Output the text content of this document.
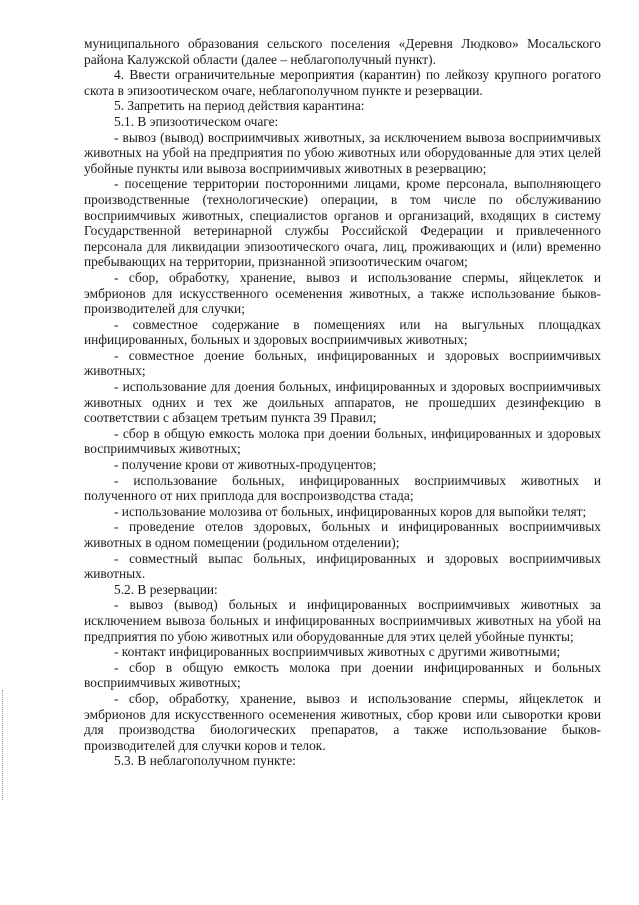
муниципального образования сельского поселения «Деревня Людково» Мосальского района Калужской области (далее – неблагополучный пункт).

4. Ввести ограничительные мероприятия (карантин) по лейкозу крупного рогатого скота в эпизоотическом очаге, неблагополучном пункте и резервации.

5. Запретить на период действия карантина:

5.1. В эпизоотическом очаге:

- вывоз (вывод) восприимчивых животных, за исключением вывоза восприимчивых животных на убой на предприятия по убою животных или оборудованные для этих целей убойные пункты или вывоза восприимчивых животных в резервацию;

- посещение территории посторонними лицами, кроме персонала, выполняющего производственные (технологические) операции, в том числе по обслуживанию восприимчивых животных, специалистов органов и организаций, входящих в систему Государственной ветеринарной службы Российской Федерации и привлеченного персонала для ликвидации эпизоотического очага, лиц, проживающих и (или) временно пребывающих на территории, признанной эпизоотическим очагом;

- сбор, обработку, хранение, вывоз и использование спермы, яйцеклеток и эмбрионов для искусственного осеменения животных, а также использование быков-производителей для случки;

- совместное содержание в помещениях или на выгульных площадках инфицированных, больных и здоровых восприимчивых животных;

- совместное доение больных, инфицированных и здоровых восприимчивых животных;

- использование для доения больных, инфицированных и здоровых восприимчивых животных одних и тех же доильных аппаратов, не прошедших дезинфекцию в соответствии с абзацем третьим пункта 39 Правил;

- сбор в общую емкость молока при доении больных, инфицированных и здоровых восприимчивых животных;

- получение крови от животных-продуцентов;

- использование больных, инфицированных восприимчивых животных и полученного от них приплода для воспроизводства стада;

- использование молозива от больных, инфицированных коров для выпойки телят;

- проведение отелов здоровых, больных и инфицированных восприимчивых животных в одном помещении (родильном отделении);

- совместный выпас больных, инфицированных и здоровых восприимчивых животных.

5.2. В резервации:

- вывоз (вывод) больных и инфицированных восприимчивых животных за исключением вывоза больных и инфицированных восприимчивых животных на убой на предприятия по убою животных или оборудованные для этих целей убойные пункты;

- контакт инфицированных восприимчивых животных с другими животными;

- сбор в общую емкость молока при доении инфицированных и больных восприимчивых животных;

- сбор, обработку, хранение, вывоз и использование спермы, яйцеклеток и эмбрионов для искусственного осеменения животных, сбор крови или сыворотки крови для производства биологических препаратов, а также использование быков-производителей для случки коров и телок.

5.3. В неблагополучном пункте:
